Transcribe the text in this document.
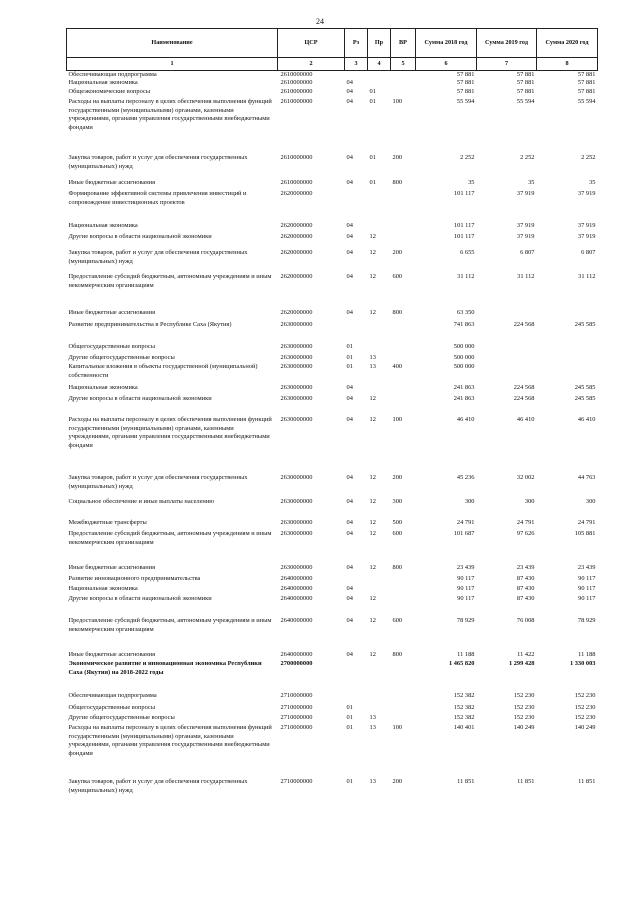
24
Наименование	ЦСР	Рз	Пр	ВР	Сумма 2018 год	Сумма 2019 год	Сумма 2020 год
1	2	3	4	5	6	7	8
Обеспечивающая подпрограмма	2610000000				57 881	57 881	57 881
Национальная экономика	2610000000	04			57 881	57 881	57 881
Общеэкономические вопросы	2610000000	04	01		57 881	57 881	57 881
Расходы на выплаты персоналу в целях обеспечения выполнения функций государственными (муниципальными) органами, казенными учреждениями, органами управления государственными внебюджетными фондами	2610000000	04	01	100	55 594	55 594	55 594
Закупка товаров, работ и услуг для обеспечения государственных (муниципальных) нужд	2610000000	04	01	200	2 252	2 252	2 252
Иные бюджетные ассигнования	2610000000	04	01	800	35	35	35
Формирование эффективной системы привлечения инвестиций и сопровождение инвестиционных проектов	2620000000				101 117	37 919	37 919
Национальная экономика	2620000000	04			101 117	37 919	37 919
Другие вопросы в области национальной экономики	2620000000	04	12		101 117	37 919	37 919
Закупка товаров, работ и услуг для обеспечения государственных (муниципальных) нужд	2620000000	04	12	200	6 655	6 807	6 807
Предоставление субсидий бюджетным, автономным учреждениям и иным некоммерческим организациям	2620000000	04	12	600	31 112	31 112	31 112
Иные бюджетные ассигнования	2620000000	04	12	800	63 350		
Развитие предпринимательства в Республике Саха (Якутия)	2630000000				741 863	224 568	245 585
Общегосударственные вопросы	2630000000	01			500 000		
Другие общегосударственные вопросы	2630000000	01	13		500 000		
Капитальные вложения в объекты государственной (муниципальной) собственности	2630000000	01	13	400	500 000		
Национальная экономика	2630000000	04			241 863	224 568	245 585
Другие вопросы в области национальной экономики	2630000000	04	12		241 863	224 568	245 585
Расходы на выплаты персоналу в целях обеспечения выполнения функций государственными (муниципальными) органами, казенными учреждениями, органами управления государственными внебюджетными фондами	2630000000	04	12	100	46 410	46 410	46 410
Закупка товаров, работ и услуг для обеспечения государственных (муниципальных) нужд	2630000000	04	12	200	45 236	32 002	44 763
Социальное обеспечение и иные выплаты населению	2630000000	04	12	300	300	300	300
Межбюджетные трансферты	2630000000	04	12	500	24 791	24 791	24 791
Предоставление субсидий бюджетным, автономным учреждениям и иным некоммерческим организациям	2630000000	04	12	600	101 687	97 626	105 881
Иные бюджетные ассигнования	2630000000	04	12	800	23 439	23 439	23 439
Развитие инновационного предпринимательства	2640000000				90 117	87 430	90 117
Национальная экономика	2640000000	04			90 117	87 430	90 117
Другие вопросы в области национальной экономики	2640000000	04	12		90 117	87 430	90 117
Предоставление субсидий бюджетным, автономным учреждениям и иным некоммерческим организациям	2640000000	04	12	600	78 929	76 008	78 929
Иные бюджетные ассигнования	2640000000	04	12	800	11 188	11 422	11 188
Экономическое развитие и инновационная экономика Республики Саха (Якутия) на 2018-2022 годы	2700000000				1 465 820	1 299 428	1 330 003
Обеспечивающая подпрограмма	2710000000				152 382	152 230	152 230
Общегосударственные вопросы	2710000000	01			152 382	152 230	152 230
Другие общегосударственные вопросы	2710000000	01	13		152 382	152 230	152 230
Расходы на выплаты персоналу в целях обеспечения выполнения функций государственными (муниципальными) органами, казенными учреждениями, органами управления государственными внебюджетными фондами	2710000000	01	13	100	140 401	140 249	140 249
Закупка товаров, работ и услуг для обеспечения государственных (муниципальных) нужд	2710000000	01	13	200	11 851	11 851	11 851
